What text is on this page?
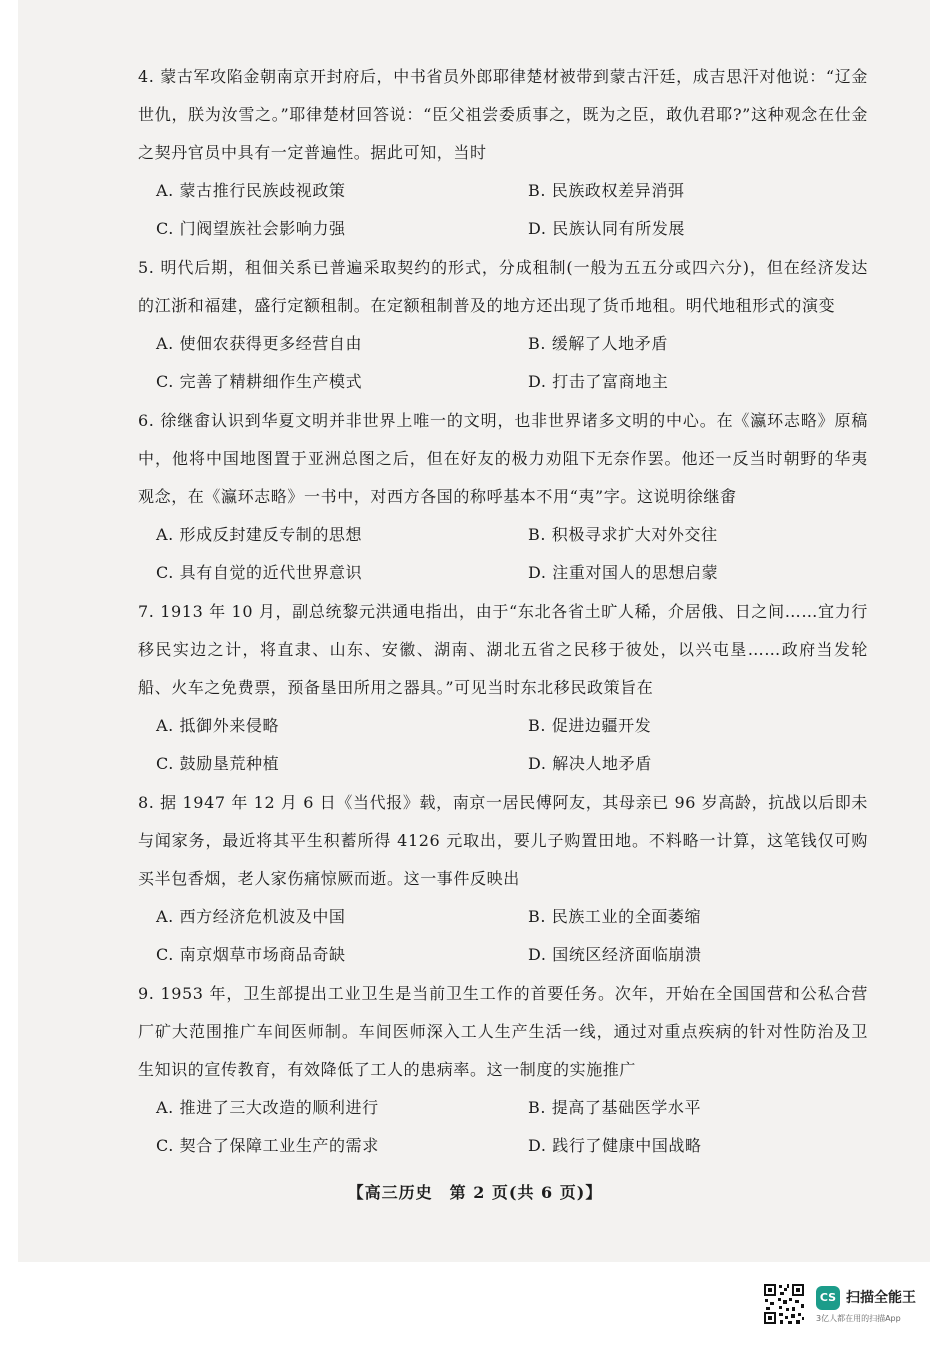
4. 蒙古军攻陷金朝南京开封府后，中书省员外郎耶律楚材被带到蒙古汗廷，成吉思汗对他说：“辽金世仇，朕为汝雪之。”耶律楚材回答说：“臣父祖尝委质事之，既为之臣，敢仇君耶?”这种观念在仕金之契丹官员中具有一定普遍性。据此可知，当时
A. 蒙古推行民族歧视政策	B. 民族政权差异消弭
C. 门阀望族社会影响力强	D. 民族认同有所发展
5. 明代后期，租佃关系已普遍采取契约的形式，分成租制(一般为五五分或四六分)，但在经济发达的江浙和福建，盛行定额租制。在定额租制普及的地方还出现了货币地租。明代地租形式的演变
A. 使佃农获得更多经营自由	B. 缓解了人地矛盾
C. 完善了精耕细作生产模式	D. 打击了富商地主
6. 徐继畬认识到华夏文明并非世界上唯一的文明，也非世界诸多文明的中心。在《瀛环志略》原稿中，他将中国地图置于亚洲总图之后，但在好友的极力劝阻下无奈作罢。他还一反当时朝野的华夷观念，在《瀛环志略》一书中，对西方各国的称呼基本不用“夷”字。这说明徐继畬
A. 形成反封建反专制的思想	B. 积极寻求扩大对外交往
C. 具有自觉的近代世界意识	D. 注重对国人的思想启蒙
7. 1913 年 10 月，副总统黎元洪通电指出，由于“东北各省土旷人稀，介居俄、日之间……宜力行移民实边之计，将直隶、山东、安徽、湖南、湖北五省之民移于彼处，以兴屯垦……政府当发轮船、火车之免费票，预备垦田所用之器具。”可见当时东北移民政策旨在
A. 抵御外来侵略	B. 促进边疆开发
C. 鼓励垦荒种植	D. 解决人地矛盾
8. 据 1947 年 12 月 6 日《当代报》载，南京一居民傅阿友，其母亲已 96 岁高龄，抗战以后即未与闻家务，最近将其平生积蓄所得 4126 元取出，要儿子购置田地。不料略一计算，这笔钱仅可购买半包香烟，老人家伤痛惊厥而逝。这一事件反映出
A. 西方经济危机波及中国	B. 民族工业的全面萎缩
C. 南京烟草市场商品奇缺	D. 国统区经济面临崩溃
9. 1953 年，卫生部提出工业卫生是当前卫生工作的首要任务。次年，开始在全国国营和公私合营厂矿大范围推广车间医师制。车间医师深入工人生产生活一线，通过对重点疾病的针对性防治及卫生知识的宣传教育，有效降低了工人的患病率。这一制度的实施推广
A. 推进了三大改造的顺利进行	B. 提高了基础医学水平
C. 契合了保障工业生产的需求	D. 践行了健康中国战略
【高三历史　第 2 页(共 6 页)】
CS 扫描全能王
3亿人都在用的扫描App
